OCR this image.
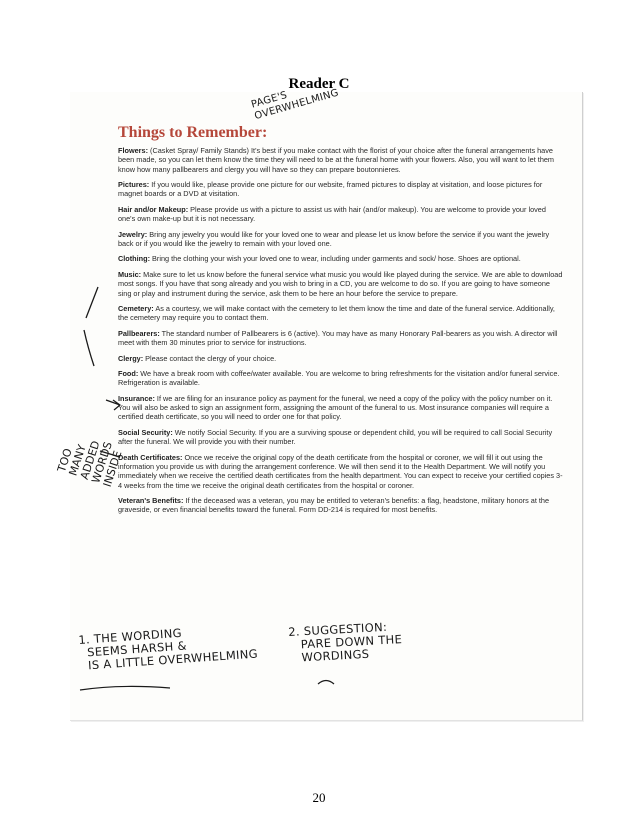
Reader C
Things to Remember:
Flowers: (Casket Spray/ Family Stands) It's best if you make contact with the florist of your choice after the funeral arrangements have been made, so you can let them know the time they will need to be at the funeral home with your flowers. Also, you will want to let them know how many pallbearers and clergy you will have so they can prepare boutonnieres.
Pictures: If you would like, please provide one picture for our website, framed pictures to display at visitation, and loose pictures for magnet boards or a DVD at visitation.
Hair and/or Makeup: Please provide us with a picture to assist us with hair (and/or makeup). You are welcome to provide your loved one's own make-up but it is not necessary.
Jewelry: Bring any jewelry you would like for your loved one to wear and please let us know before the service if you want the jewelry back or if you would like the jewelry to remain with your loved one.
Clothing: Bring the clothing your wish your loved one to wear, including under garments and sock/ hose. Shoes are optional.
Music: Make sure to let us know before the funeral service what music you would like played during the service. We are able to download most songs. If you have that song already and you wish to bring in a CD, you are welcome to do so. If you are going to have someone sing or play and instrument during the service, ask them to be here an hour before the service to prepare.
Cemetery: As a courtesy, we will make contact with the cemetery to let them know the time and date of the funeral service. Additionally, the cemetery may require you to contact them.
Pallbearers: The standard number of Pallbearers is 6 (active). You may have as many Honorary Pall-bearers as you wish. A director will meet with them 30 minutes prior to service for instructions.
Clergy: Please contact the clergy of your choice.
Food: We have a break room with coffee/water available. You are welcome to bring refreshments for the visitation and/or funeral service. Refrigeration is available.
Insurance: If we are filing for an insurance policy as payment for the funeral, we need a copy of the policy with the policy number on it. You will also be asked to sign an assignment form, assigning the amount of the funeral to us. Most insurance companies will require a certified death certificate, so you will need to order one for that policy.
Social Security: We notify Social Security. If you are a surviving spouse or dependent child, you will be required to call Social Security after the funeral. We will provide you with their number.
Death Certificates: Once we receive the original copy of the death certificate from the hospital or coroner, we will fill it out using the information you provide us with during the arrangement conference. We will then send it to the Health Department. We will notify you immediately when we receive the certified death certificates from the health department. You can expect to receive your certified copies 3-4 weeks from the time we receive the original death certificates from the hospital or coroner.
Veteran's Benefits: If the deceased was a veteran, you may be entitled to veteran's benefits: a flag, headstone, military honors at the graveside, or even financial benefits toward the funeral. Form DD-214 is required for most benefits.
PAGE'S
OVERWHELMING
TOO
MANY
ADDED
WORDS
INSIDE
1. THE WORDING
SEEMS HARSH &
IS A LITTLE OVERWHELMING
2. SUGGESTION:
PARE DOWN THE
WORDINGS
20
